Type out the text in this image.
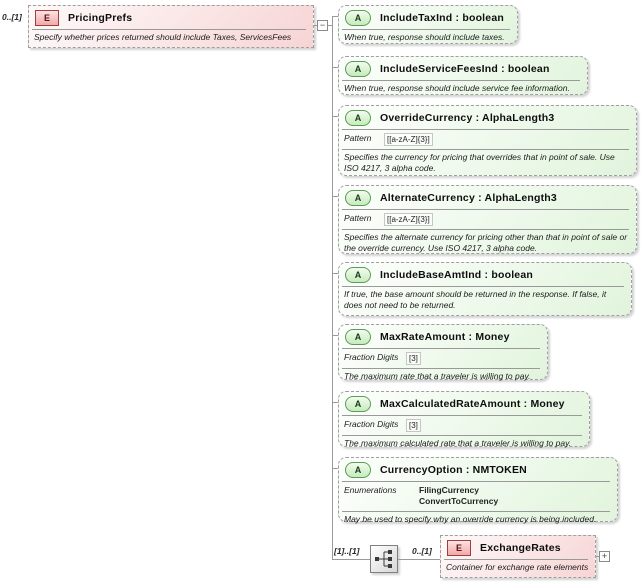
0..[1]	E	PricingPrefs
Specify whether prices returned should include Taxes, ServicesFees
−
A	IncludeTaxInd : boolean
When true, response should include taxes.
A	IncludeServiceFeesInd : boolean
When true, response should include service fee information.
A	OverrideCurrency : AlphaLength3
Pattern	[[a-zA-Z]{3}]
Specifies the currency for pricing that overrides that in point of sale. Use ISO 4217, 3 alpha code.
A	AlternateCurrency : AlphaLength3
Pattern	[[a-zA-Z]{3}]
Specifies the alternate currency for pricing other than that in point of sale or the override currency. Use ISO 4217, 3 alpha code.
A	IncludeBaseAmtInd : boolean
If true, the base amount should be returned in the response. If false, it does not need to be returned.
A	MaxRateAmount : Money
Fraction Digits	[3]
The maximum rate that a traveler is willing to pay.
A	MaxCalculatedRateAmount : Money
Fraction Digits	[3]
The maximum calculated rate that a traveler is willing to pay.
A	CurrencyOption : NMTOKEN
Enumerations	FilingCurrency
ConvertToCurrency
May be used to specify why an override currency is being included.
[1]..[1]	0..[1]	E	ExchangeRates
Container for exchange rate elements
+
